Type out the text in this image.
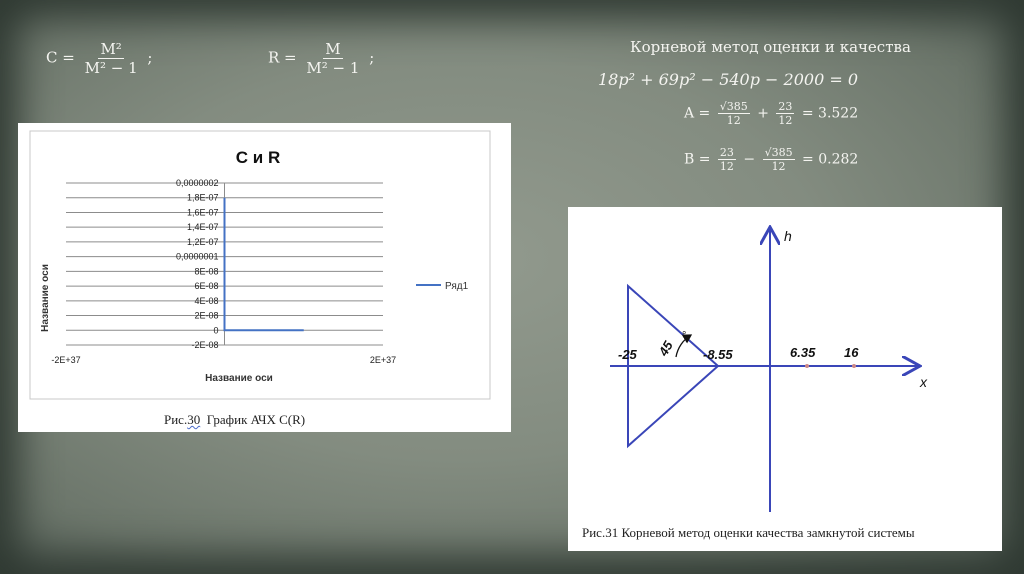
$C = \frac{\text{M²}}{\text{M² − 1}}$ ;	$R = \frac{M}{\text{M² − 1}}$ ;
Корневой метод оценки и качества
18p² + 69p² − 540p − 2000 = 0
$A = \frac{√385}{12} + \frac{23}{12} = 3.522$
$B = \frac{23}{12} - \frac{√385}{12} = 0.282$
С и R
0,0000002
1,8E-07
1,6E-07
1,4E-07
1,2E-07
0,0000001
8E-08
6E-08
4E-08
2E-08
0
-2E-08
-2E+37	2E+37
Название оси
Название оси
Ряд1
Рис.30  График АЧХ С(R)
h
x
45
°
-25	-8.55	6.35 16
Рис.31 Корневой метод оценки качества замкнутой системы
